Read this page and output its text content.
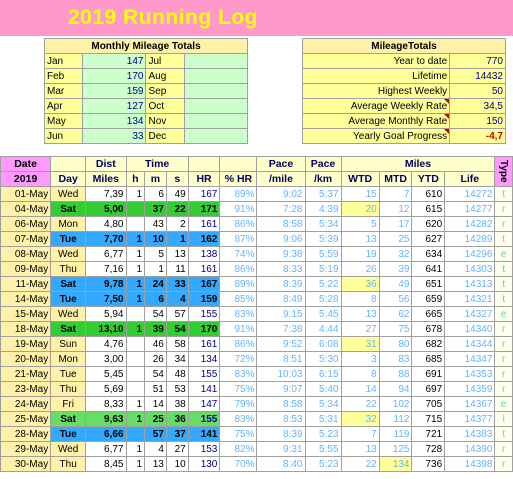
2019 Running Log
Monthly Mileage Totals			
Jan	147	Jul	
Feb	170	Aug	
Mar	159	Sep	
Apr	127	Oct	
May	134	Nov	
Jun	33	Dec	
MileageTotals	
Year to date	770
Lifetime	14432
Highest Weekly	50
Average Weekly Rate	34,5
Average Monthly Rate	150
Yearly Goal Progress	-4,7
Date		Dist	Time					Pace	Pace	Miles				Type
2019	Day	Miles	h	m	s	HR	% HR	/mile	/km	WTD	MTD	YTD	Life	
01-May	Wed	7,39	1	6	49	167	89%	9:02	5:37	15	7	610	14272	t
04-May	Sat	5,00		37	22	171	91%	7:28	4:39	20	12	615	14277	r
06-May	Mon	4,80		43	2	161	86%	8:58	5:34	5	17	620	14282	r
07-May	Tue	7,70	1	10	1	162	87%	9:06	5:39	13	25	627	14289	t
08-May	Wed	6,77	1	5	13	138	74%	9:38	5:59	19	32	634	14296	e
09-May	Thu	7,16	1	1	11	161	86%	8:33	5:19	26	39	641	14303	t
11-May	Sat	9,78	1	24	33	167	89%	8:39	5:22	36	49	651	14313	t
14-May	Tue	7,50	1	6	4	159	85%	8:49	5:28	8	56	659	14321	t
15-May	Wed	5,94		54	57	155	83%	9:15	5:45	13	62	665	14327	e
18-May	Sat	13,10	1	39	54	170	91%	7:38	4:44	27	75	678	14340	r
19-May	Sun	4,76		46	58	161	86%	9:52	6:08	31	80	682	14344	r
20-May	Mon	3,00		26	34	134	72%	8:51	5:30	3	83	685	14347	r
21-May	Tue	5,45		54	48	155	83%	10:03	6:15	8	88	691	14353	r
23-May	Thu	5,69		51	53	141	75%	9:07	5:40	14	94	697	14359	r
24-May	Fri	8,33	1	14	38	147	79%	8:58	5:34	22	102	705	14367	e
25-May	Sat	9,63	1	25	36	155	83%	8:53	5:31	32	112	715	14377	l
28-May	Tue	6,66		57	37	141	75%	8:39	5:23	7	119	721	14383	t
29-May	Wed	6,77	1	4	27	153	82%	9:31	5:55	13	125	728	14390	r
30-May	Thu	8,45	1	13	10	130	70%	8:40	5:23	22	134	736	14398	r
